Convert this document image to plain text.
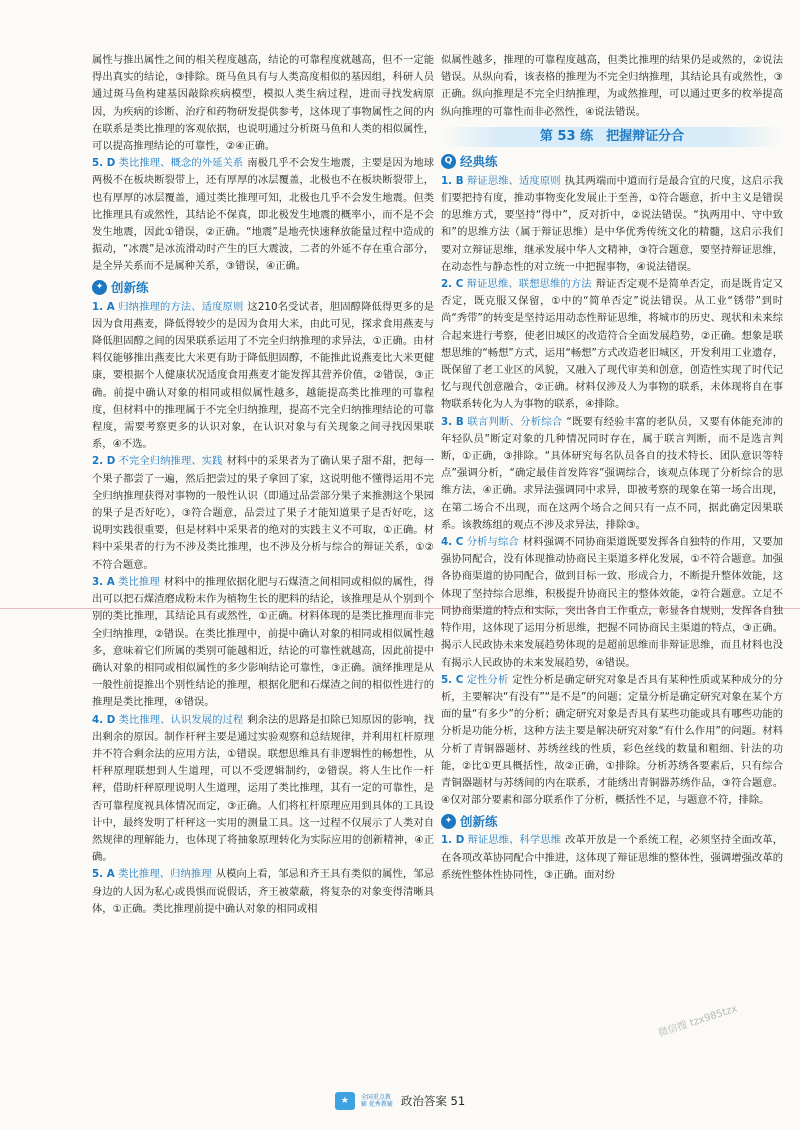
属性与推出属性之间的相关程度越高，结论的可靠程度就越高，但不一定能得出真实的结论，③排除。斑马鱼具有与人类高度相似的基因组，科研人员通过斑马鱼构建基因敲除疾病模型，模拟人类生病过程，进而寻找发病原因，为疾病的诊断、治疗和药物研发提供参考，这体现了事物属性之间的内在联系是类比推理的客观依据，也说明通过分析斑马鱼和人类的相似属性，可以提高推理结论的可靠性，②④正确。

5. D 类比推理、概念的外延关系 南极几乎不会发生地震，主要是因为地球两极不在板块断裂带上，还有厚厚的冰层覆盖，北极也不在板块断裂带上，也有厚厚的冰层覆盖，通过类比推理可知，北极也几乎不会发生地震。但类比推理具有或然性，其结论不保真，即北极发生地震的概率小，而不是不会发生地震，因此①错误，②正确。“地震”是地壳快速释放能量过程中造成的振动，“冰震”是冰流滑动时产生的巨大震波，二者的外延不存在重合部分，是全异关系而不是属种关系，③错误，④正确。

✦ 创新练

1. A 归纳推理的方法、适度原则 这210名受试者，胆固醇降低得更多的是因为食用燕麦，降低得较少的是因为食用大米，由此可见，探求食用燕麦与降低胆固醇之间的因果联系运用了不完全归纳推理的求异法，①正确。由材料仅能够推出燕麦比大米更有助于降低胆固醇，不能推此说燕麦比大米更健康，要根据个人健康状况适度食用燕麦才能发挥其营养价值，②错误，③正确。前提中确认对象的相同或相似属性越多，越能提高类比推理的可靠程度，但材料中的推理属于不完全归纳推理，提高不完全归纳推理结论的可靠程度，需要考察更多的认识对象，在认识对象与有关现象之间寻找因果联系，④不选。

2. D 不完全归纳推理、实践 材料中的采果者为了确认果子甜不甜，把每一个果子都尝了一遍，然后把尝过的果子拿回了家，这说明他不懂得运用不完全归纳推理获得对事物的一般性认识（即通过品尝部分果子来推测这个果园的果子是否好吃），③符合题意，品尝过了果子才能知道果子是否好吃，这说明实践很重要，但是材料中采果者的绝对的实践主义不可取，①正确。材料中采果者的行为不涉及类比推理，也不涉及分析与综合的辩证关系，①②不符合题意。

3. A 类比推理 材料中的推理依据化肥与石煤渣之间相同或相似的属性，得出可以把石煤渣磨成粉末作为植物生长的肥料的结论，该推理是从个别到个别的类比推理，其结论具有或然性，①正确。材料体现的是类比推理而非完全归纳推理，②错误。在类比推理中，前提中确认对象的相同或相似属性越多，意味着它们所属的类别可能越相近，结论的可靠性就越高，因此前提中确认对象的相同或相似属性的多少影响结论可靠性，③正确。演绎推理是从一般性前提推出个别性结论的推理，根据化肥和石煤渣之间的相似性进行的推理是类比推理，④错误。

4. D 类比推理、认识发展的过程 剩余法的思路是扣除已知原因的影响，找出剩余的原因。制作杆秤主要是通过实验观察和总结规律，并利用杠杆原理并不符合剩余法的应用方法，①错误。联想思维具有非逻辑性的畅想性，从杆秤原理联想到人生道理，可以不受逻辑制约，②错误。将人生比作一杆秤，借助杆秤原理说明人生道理，运用了类比推理，其有一定的可靠性，是否可靠程度视具体情况而定，③正确。人们将杠杆原理应用到具体的工具设计中，最终发明了杆秤这一实用的测量工具。这一过程不仅展示了人类对自然规律的理解能力，也体现了将抽象原理转化为实际应用的创新精神，④正确。

5. A 类比推理、归纳推理 从模向上看，邹忌和齐王具有类似的属性，邹忌身边的人因为私心或畏惧而说假话，齐王被蒙蔽，将复杂的对象变得清晰具体，①正确。类比推理前提中确认对象的相同或相

似属性越多，推理的可靠程度越高，但类比推理的结果仍是或然的，②说法错误。从纵向看，该表格的推理为不完全归纳推理，其结论具有或然性，③正确。纵向推理是不完全归纳推理，为或然推理，可以通过更多的枚举提高纵向推理的可靠性而非必然性，④说法错误。

第 53 练　把握辩证分合
Q 经典练

1. B 辩证思维、适度原则 执其两端而中道而行是最合宜的尺度，这启示我们要把持有度，推动事物变化发展止于至善，①符合题意，折中主义是错误的思维方式，要坚持“得中”，反对折中，②说法错误。“执两用中、守中致和”的思维方法（属于辩证思维）是中华优秀传统文化的精髓，这启示我们要对立辩证思维，继承发展中华人文精神，③符合题意，要坚持辩证思维，在动态性与静态性的对立统一中把握事物，④说法错误。

2. C 辩证思维、联想思维的方法 辩证否定观不是简单否定，而是既肯定又否定，既克服又保留，①中的“简单否定”说法错误。从工业“锈带”到时尚“秀带”的转变是坚持运用动态性辩证思维，将城市的历史、现状和未来综合起来进行考察，使老旧城区的改造符合全面发展趋势，②正确。想象是联想思维的“畅想”方式，运用“畅想”方式改造老旧城区，开发利用工业遗存，既保留了老工业区的风貌，又融入了现代审美和创意，创造性实现了时代记忆与现代创意融合，②正确。材料仅涉及人为事物的联系，未体现将自在事物联系转化为人为事物的联系，④排除。

3. B 联言判断、分析综合 “既要有经验丰富的老队员，又要有体能充沛的年轻队员”断定对象的几种情况同时存在，属于联言判断，而不是选言判断，①正确，③排除。“具体研究每名队员各自的技术特长、团队意识等特点”强调分析，“确定最佳首发阵容”强调综合，该观点体现了分析综合的思维方法，④正确。求异法强调同中求异，即被考察的现象在第一场合出现，在第二场合不出现，而在这两个场合之间只有一点不同，据此确定因果联系。该教练组的观点不涉及求异法，排除③。

4. C 分析与综合 材料强调不同协商渠道既要发挥各自独特的作用，又要加强协同配合，没有体现推动协商民主渠道多样化发展，①不符合题意。加强各协商渠道的协同配合，做到目标一致、形成合力，不断提升整体效能，这体现了坚持综合思维，积极提升协商民主的整体效能，②符合题意。立足不同协商渠道的特点和实际，突出各自工作重点，彰显各自规则，发挥各自独特作用，这体现了运用分析思维，把握不同协商民主渠道的特点，③正确。揭示人民政协未来发展趋势体现的是超前思维而非辩证思维，而且材料也没有揭示人民政协的未来发展趋势，④错误。

5. C 定性分析 定性分析是确定研究对象是否具有某种性质或某种成分的分析，主要解决“有没有”“是不是”的问题；定量分析是确定研究对象在某个方面的量“有多少”的分析；确定研究对象是否具有某些功能或具有哪些功能的分析是功能分析，这种方法主要是解决研究对象“有什么作用”的问题。材料分析了青铜器题材、苏绣丝线的性质，彩色丝线的数量和粗细、针法的功能，②比①更具概括性，故②正确，①排除。分析苏绣各要素后，只有综合青铜器题材与苏绣间的内在联系，才能绣出青铜器苏绣作品，③符合题意。④仅对部分要素和部分联系作了分析，概括性不足，与题意不符，排除。

✦ 创新练

1. D 辩证思维、科学思维 改革开放是一个系统工程，必须坚持全面改革，在各项改革协同配合中推进，这体现了辩证思维的整体性，强调增强改革的系统性整体性协同性，③正确。面对纷

微信搜 tzx985tzx
★	全国重点教辅 优秀教辅 政治答案 51
